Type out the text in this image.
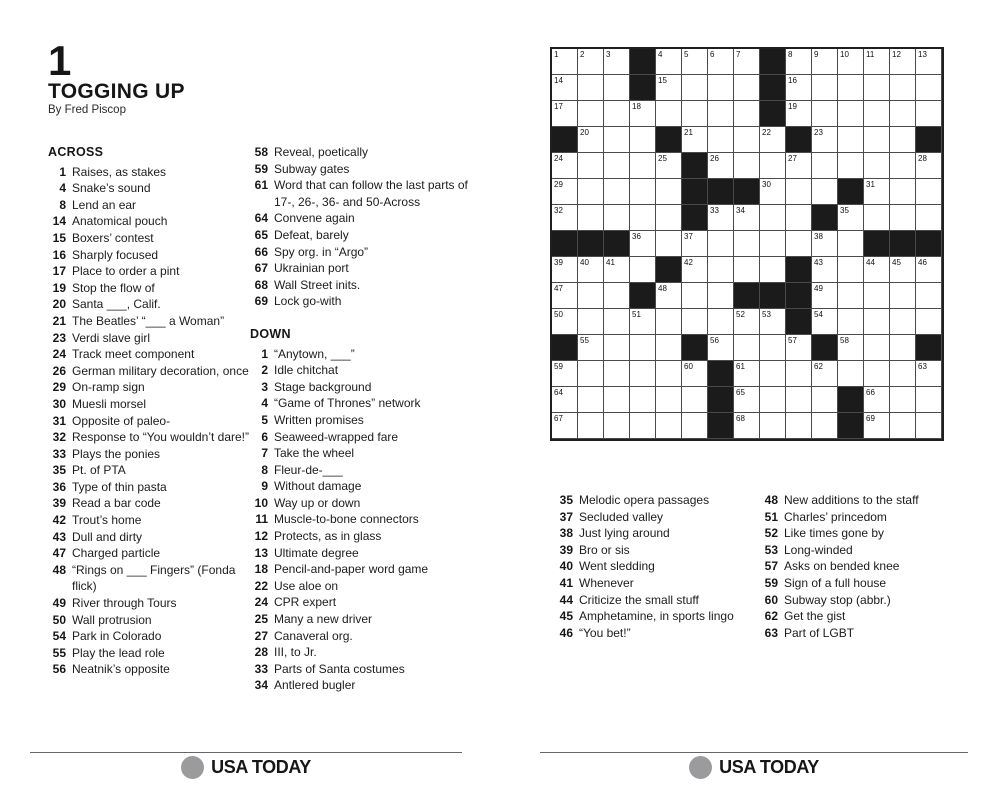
1
TOGGING UP
By Fred Piscop
ACROSS
1 Raises, as stakes
4 Snake’s sound
8 Lend an ear
14 Anatomical pouch
15 Boxers’ contest
16 Sharply focused
17 Place to order a pint
19 Stop the flow of
20 Santa ___, Calif.
21 The Beatles’ “___ a Woman”
23 Verdi slave girl
24 Track meet component
26 German military decoration, once
29 On-ramp sign
30 Muesli morsel
31 Opposite of paleo-
32 Response to “You wouldn’t dare!”
33 Plays the ponies
35 Pt. of PTA
36 Type of thin pasta
39 Read a bar code
42 Trout’s home
43 Dull and dirty
47 Charged particle
48 “Rings on ___ Fingers” (Fonda flick)
49 River through Tours
50 Wall protrusion
54 Park in Colorado
55 Play the lead role
56 Neatnik’s opposite
58 Reveal, poetically
59 Subway gates
61 Word that can follow the last parts of 17-, 26-, 36- and 50-Across
64 Convene again
65 Defeat, barely
66 Spy org. in “Argo”
67 Ukrainian port
68 Wall Street inits.
69 Lock go-with
DOWN
1 “Anytown, ___”
2 Idle chitchat
3 Stage background
4 “Game of Thrones” network
5 Written promises
6 Seaweed-wrapped fare
7 Take the wheel
8 Fleur-de-___
9 Without damage
10 Way up or down
11 Muscle-to-bone connectors
12 Protects, as in glass
13 Ultimate degree
18 Pencil-and-paper word game
22 Use aloe on
24 CPR expert
25 Many a new driver
27 Canaveral org.
28 III, to Jr.
33 Parts of Santa costumes
34 Antlered bugler
USA TODAY
1	2	3	4	5	6	7	8	9	10 11 12 13
14	15	16
17	18	19
20	21	22	23
24	25	26	27	28
29	30	31
32	33 34	35
36	37	38
39 40 41	42	43	44 45 46
47	48	49
50	51	52 53	54
55	56	57	58
59	60	61	62	63
64	65	66
67	68	69
35 Melodic opera passages
37 Secluded valley
38 Just lying around
39 Bro or sis
40 Went sledding
41 Whenever
44 Criticize the small stuff
45 Amphetamine, in sports lingo
46 “You bet!”
48 New additions to the staff
51 Charles’ princedom
52 Like times gone by
53 Long-winded
57 Asks on bended knee
59 Sign of a full house
60 Subway stop (abbr.)
62 Get the gist
63 Part of LGBT
USA TODAY
